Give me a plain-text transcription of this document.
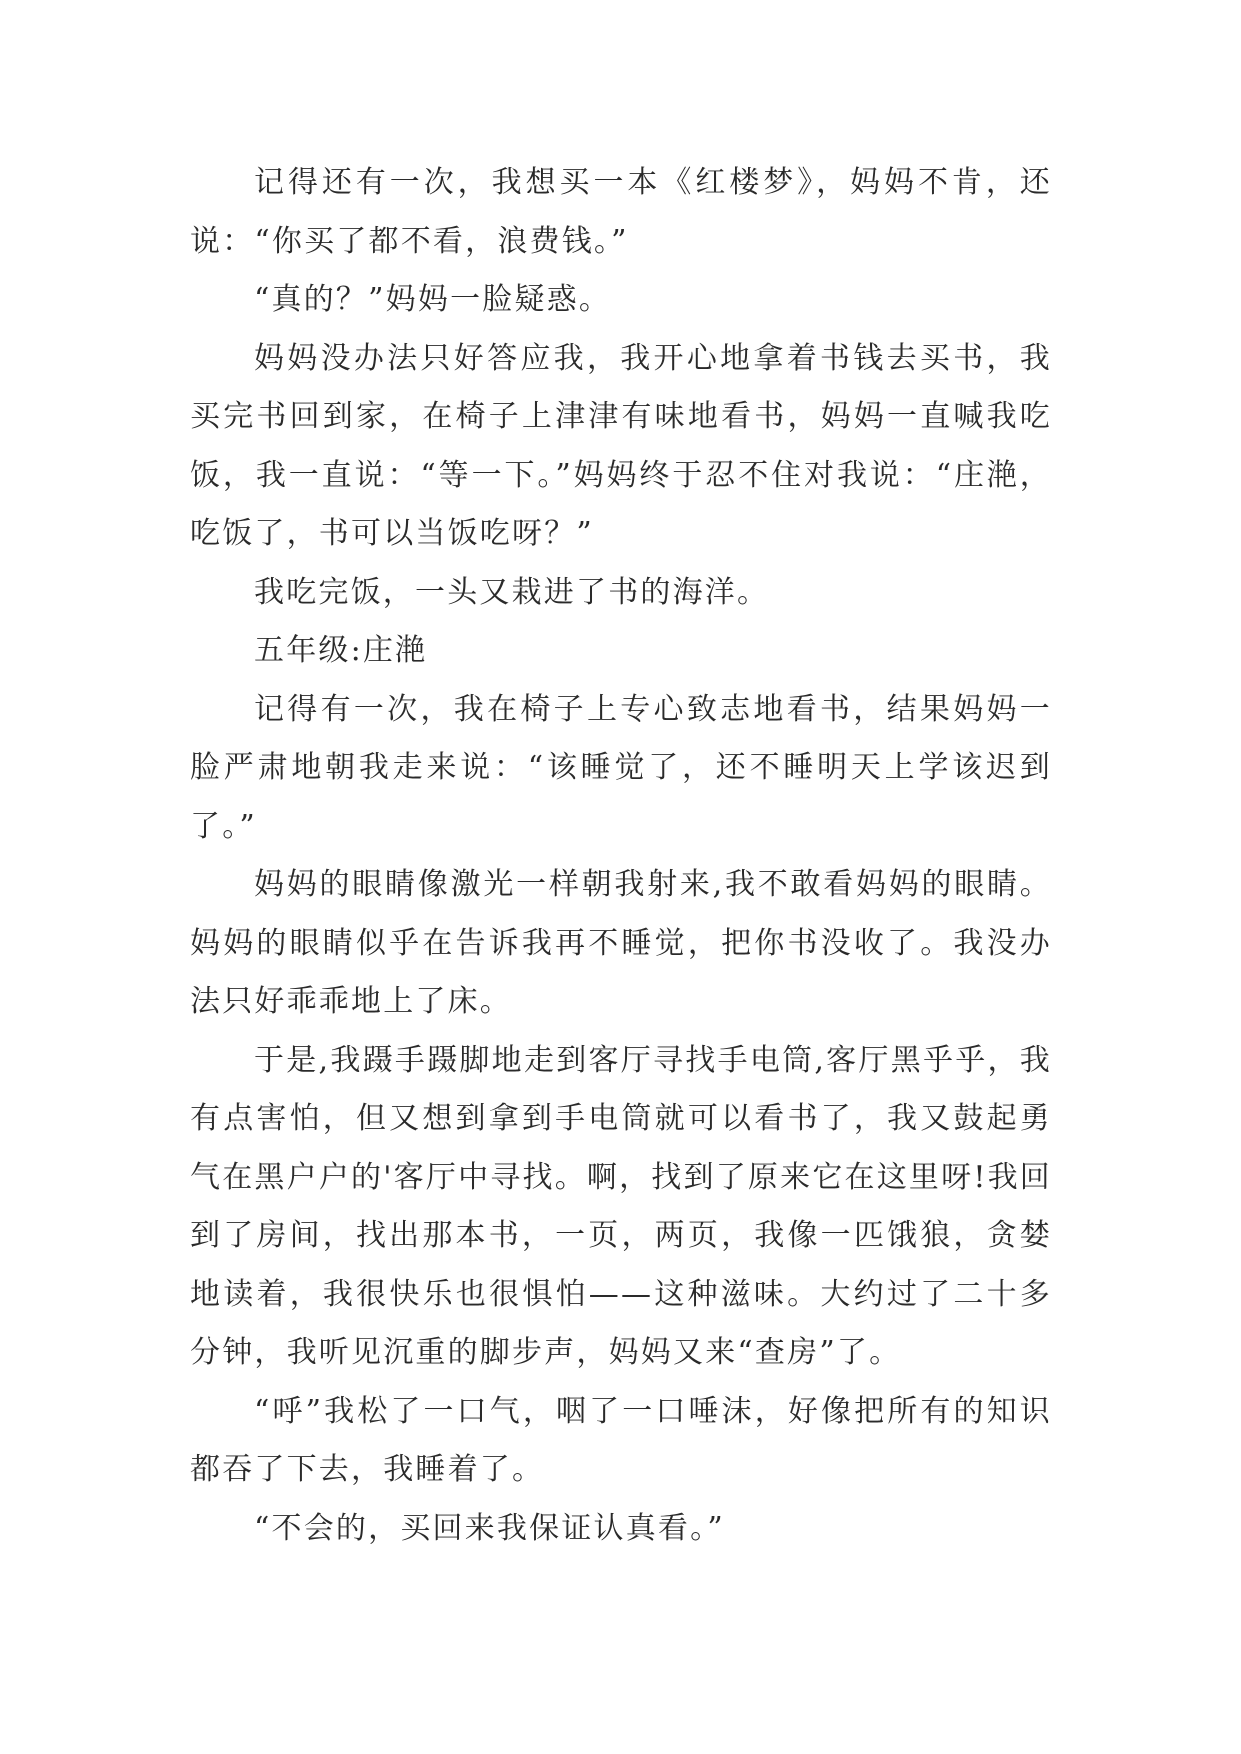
记得还有一次，我想买一本《红楼梦》，妈妈不肯，还说：“你买了都不看，浪费钱。”

“真的？”妈妈一脸疑惑。

妈妈没办法只好答应我，我开心地拿着书钱去买书，我买完书回到家，在椅子上津津有味地看书，妈妈一直喊我吃饭，我一直说：“等一下。”妈妈终于忍不住对我说：“庄滟，吃饭了，书可以当饭吃呀？”

我吃完饭，一头又栽进了书的海洋。

五年级:庄滟

记得有一次，我在椅子上专心致志地看书，结果妈妈一脸严肃地朝我走来说：“该睡觉了，还不睡明天上学该迟到了。”

妈妈的眼睛像激光一样朝我射来,我不敢看妈妈的眼睛。妈妈的眼睛似乎在告诉我再不睡觉，把你书没收了。我没办法只好乖乖地上了床。

于是,我蹑手蹑脚地走到客厅寻找手电筒,客厅黑乎乎，我有点害怕，但又想到拿到手电筒就可以看书了，我又鼓起勇气在黑户户的'客厅中寻找。啊，找到了原来它在这里呀!我回到了房间，找出那本书，一页，两页，我像一匹饿狼，贪婪地读着，我很快乐也很惧怕——这种滋味。大约过了二十多分钟，我听见沉重的脚步声，妈妈又来“查房”了。

“呼”我松了一口气，咽了一口唾沫，好像把所有的知识都吞了下去，我睡着了。

“不会的，买回来我保证认真看。”
